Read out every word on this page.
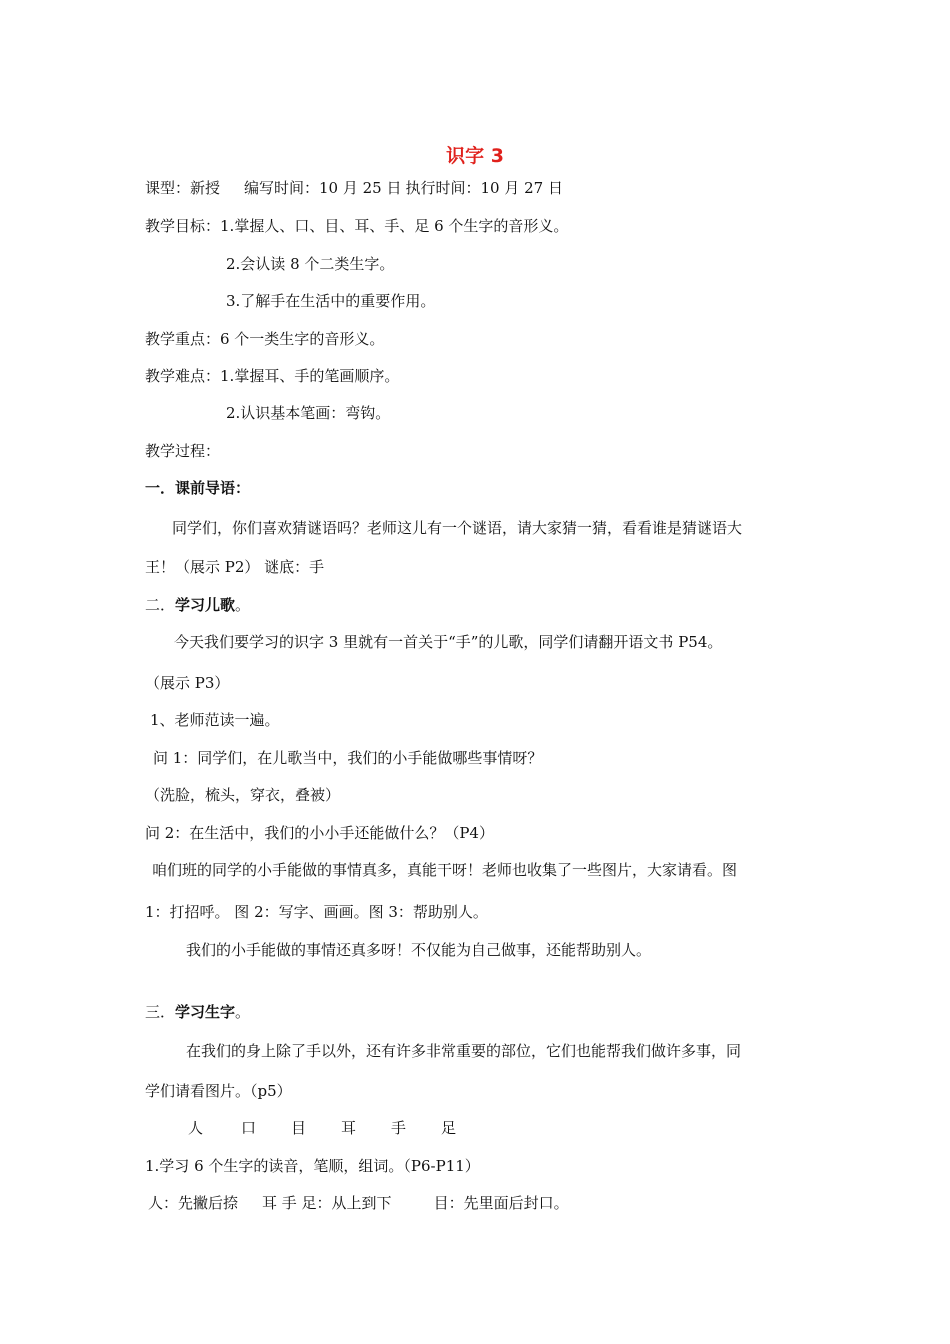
识字 3
课型：新授 编写时间：10 月 25 日 执行时间：10 月 27 日
教学目标：1.掌握人、口、目、耳、手、足 6 个生字的音形义。
2.会认读 8 个二类生字。
3.了解手在生活中的重要作用。
教学重点：6 个一类生字的音形义。
教学难点：1.掌握耳、手的笔画顺序。
2.认识基本笔画：弯钩。
教学过程：
一．课前导语：
同学们，你们喜欢猜谜语吗？老师这儿有一个谜语，请大家猜一猜，看看谁是猜谜语大
王！（展示 P2） 谜底：手
二．学习儿歌。
今天我们要学习的识字 3 里就有一首关于“手”的儿歌，同学们请翻开语文书 P54。
（展示 P3）
1、老师范读一遍。
问 1：同学们，在儿歌当中，我们的小手能做哪些事情呀？
（洗脸，梳头，穿衣，叠被）
问 2：在生活中，我们的小小手还能做什么？（P4）
咱们班的同学的小手能做的事情真多，真能干呀！老师也收集了一些图片，大家请看。图
1：打招呼。 图 2：写字、画画。图 3：帮助别人。
我们的小手能做的事情还真多呀！不仅能为自己做事，还能帮助别人。
三．学习生字。
在我们的身上除了手以外，还有许多非常重要的部位，它们也能帮我们做许多事，同
学们请看图片。（p5）
人	口 目 耳 手 足
1.学习 6 个生字的读音，笔顺，组词。（P6-P11）
人：先撇后捺 耳 手 足：从上到下	目：先里面后封口。
